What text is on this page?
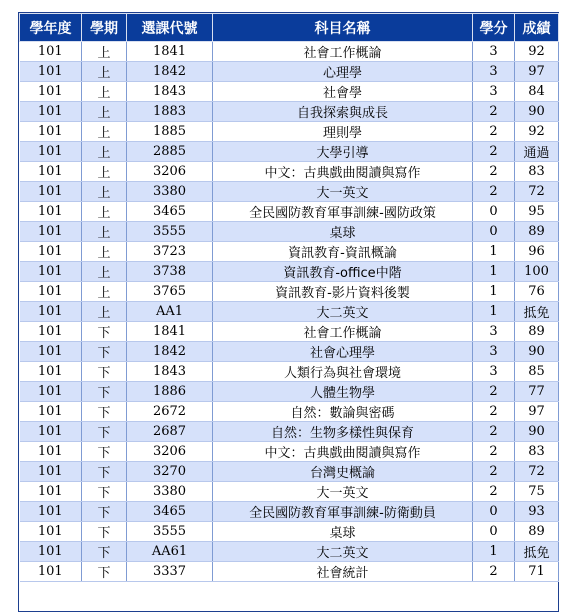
學年度	學期	選課代號	科目名稱	學分	成績
101	上	1841	社會工作概論	3	92
101	上	1842	心理學	3	97
101	上	1843	社會學	3	84
101	上	1883	自我探索與成長	2	90
101	上	1885	理則學	2	92
101	上	2885	大學引導	2	通過
101	上	3206	中文：古典戲曲閱讀與寫作	2	83
101	上	3380	大一英文	2	72
101	上	3465	全民國防教育軍事訓練-國防政策	0	95
101	上	3555	桌球	0	89
101	上	3723	資訊教育-資訊概論	1	96
101	上	3738	資訊教育-office中階	1	100
101	上	3765	資訊教育-影片資料後製	1	76
101	上	AA1	大二英文	1	抵免
101	下	1841	社會工作概論	3	89
101	下	1842	社會心理學	3	90
101	下	1843	人類行為與社會環境	3	85
101	下	1886	人體生物學	2	77
101	下	2672	自然：數論與密碼	2	97
101	下	2687	自然：生物多樣性與保育	2	90
101	下	3206	中文：古典戲曲閱讀與寫作	2	83
101	下	3270	台灣史概論	2	72
101	下	3380	大一英文	2	75
101	下	3465	全民國防教育軍事訓練-防衛動員	0	93
101	下	3555	桌球	0	89
101	下	AA61	大二英文	1	抵免
101	下	3337	社會統計	2	71
